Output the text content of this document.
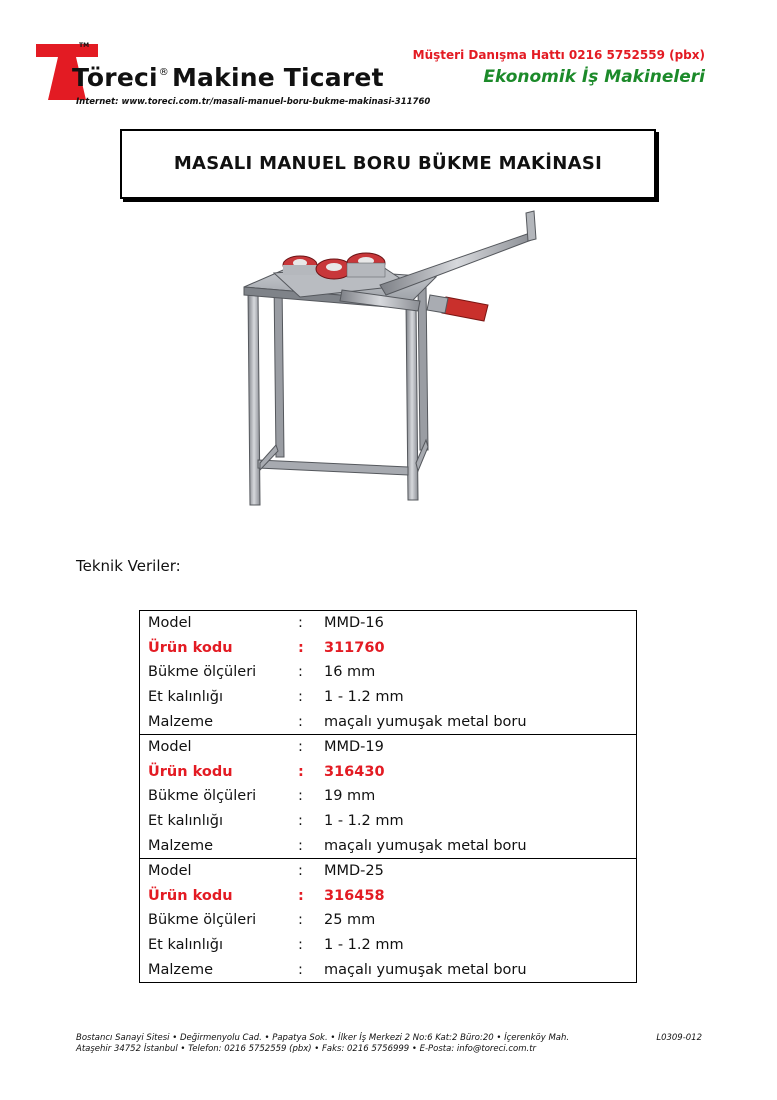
TM
Töreci® Makine Ticaret
Müşteri Danışma Hattı 0216 5752559 (pbx)
Ekonomik İş Makineleri
Internet: www.toreci.com.tr/masali-manuel-boru-bukme-makinasi-311760
MASALI MANUEL BORU BÜKME MAKİNASI
Teknik Veriler:
Model	:	MMD-16
Ürün kodu	:	311760
Bükme ölçüleri	:	16 mm
Et kalınlığı	:	1 - 1.2 mm
Malzeme	:	maçalı yumuşak metal boru
Model	:	MMD-19
Ürün kodu	:	316430
Bükme ölçüleri	:	19 mm
Et kalınlığı	:	1 - 1.2 mm
Malzeme	:	maçalı yumuşak metal boru
Model	:	MMD-25
Ürün kodu	:	316458
Bükme ölçüleri	:	25 mm
Et kalınlığı	:	1 - 1.2 mm
Malzeme	:	maçalı yumuşak metal boru
Bostancı Sanayi Sitesi • Değirmenyolu Cad. • Papatya Sok. • İlker İş Merkezi 2 No:6 Kat:2 Büro:20 • İçerenköy Mah.
Ataşehir 34752 İstanbul • Telefon: 0216 5752559 (pbx) • Faks: 0216 5756999 • E-Posta: info@toreci.com.tr
L0309-012
